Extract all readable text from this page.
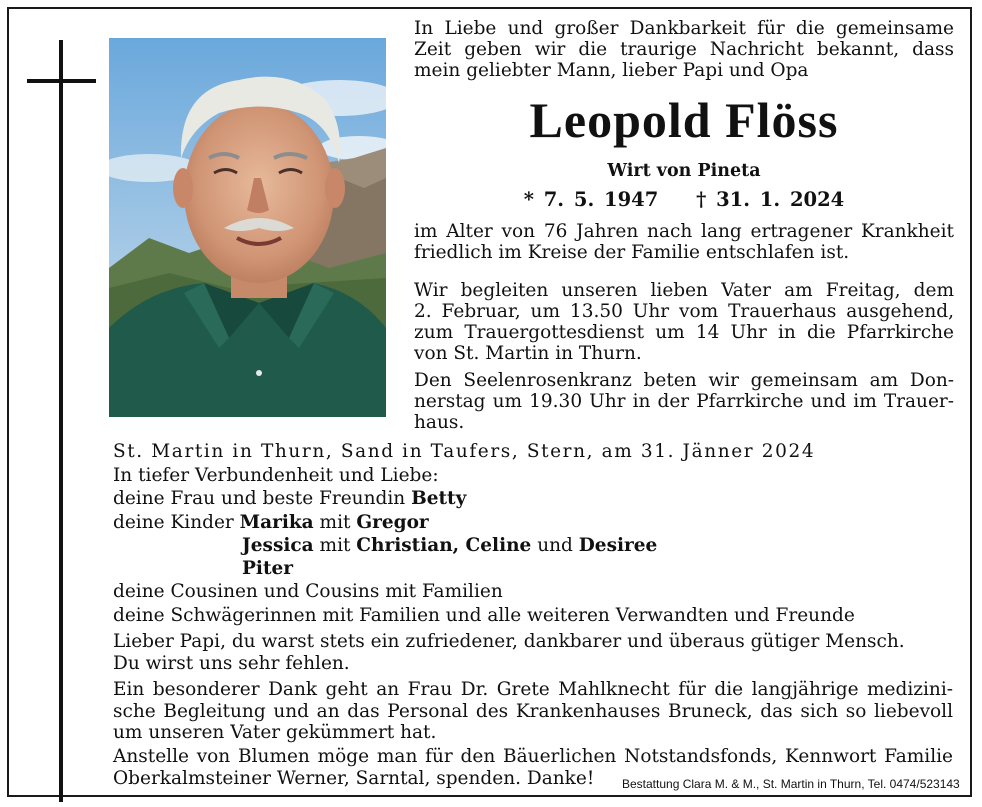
In Liebe und großer Dankbarkeit für die gemeinsame
Zeit geben wir die traurige Nachricht bekannt, dass
mein geliebter Mann, lieber Papi und Opa
Leopold Flöss
Wirt von Pineta
* 7. 5. 1947 † 31. 1. 2024
im Alter von 76 Jahren nach lang ertragener Krankheit
friedlich im Kreise der Familie entschlafen ist.
Wir begleiten unseren lieben Vater am Freitag, dem
2. Februar, um 13.50 Uhr vom Trauerhaus ausgehend,
zum Trauergottesdienst um 14 Uhr in die Pfarrkirche
von St. Martin in Thurn.
Den Seelenrosenkranz beten wir gemeinsam am Don-
nerstag um 19.30 Uhr in der Pfarrkirche und im Trauer-
haus.
St. Martin in Thurn, Sand in Taufers, Stern, am 31. Jänner 2024
In tiefer Verbundenheit und Liebe:
deine Frau und beste Freundin Betty
deine Kinder Marika mit Gregor
Jessica mit Christian, Celine und Desiree
Piter
deine Cousinen und Cousins mit Familien
deine Schwägerinnen mit Familien und alle weiteren Verwandten und Freunde
Lieber Papi, du warst stets ein zufriedener, dankbarer und überaus gütiger Mensch.
Du wirst uns sehr fehlen.
Ein besonderer Dank geht an Frau Dr. Grete Mahlknecht für die langjährige medizini-
sche Begleitung und an das Personal des Krankenhauses Bruneck, das sich so liebevoll
um unseren Vater gekümmert hat.
Anstelle von Blumen möge man für den Bäuerlichen Notstandsfonds, Kennwort Familie
Oberkalmsteiner Werner, Sarntal, spenden. Danke!	Bestattung Clara M. & M., St. Martin in Thurn, Tel. 0474/523143
